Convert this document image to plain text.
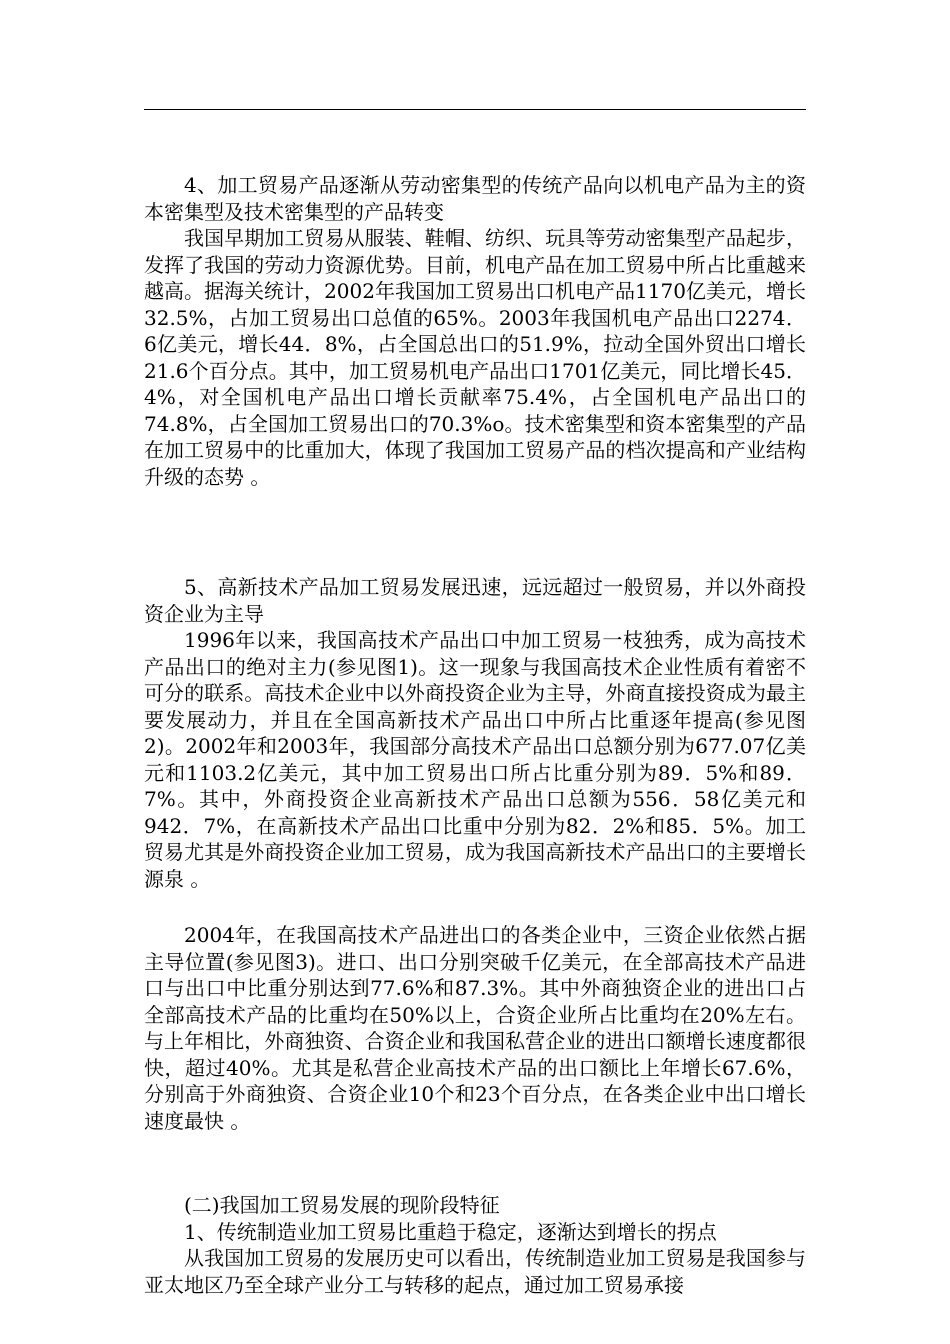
4、加工贸易产品逐渐从劳动密集型的传统产品向以机电产品为主的资本密集型及技术密集型的产品转变

我国早期加工贸易从服装、鞋帽、纺织、玩具等劳动密集型产品起步，发挥了我国的劳动力资源优势。目前，机电产品在加工贸易中所占比重越来越高。据海关统计，2002年我国加工贸易出口机电产品1170亿美元，增长32.5%，占加工贸易出口总值的65%。2003年我国机电产品出口2274．6亿美元，增长44．8%，占全国总出口的51.9%，拉动全国外贸出口增长21.6个百分点。其中，加工贸易机电产品出口1701亿美元，同比增长45．4%，对全国机电产品出口增长贡献率75.4%，占全国机电产品出口的74.8%，占全国加工贸易出口的70.3%o。技术密集型和资本密集型的产品在加工贸易中的比重加大，体现了我国加工贸易产品的档次提高和产业结构升级的态势 。

5、高新技术产品加工贸易发展迅速，远远超过一般贸易，并以外商投资企业为主导

1996年以来，我国高技术产品出口中加工贸易一枝独秀，成为高技术产品出口的绝对主力(参见图1)。这一现象与我国高技术企业性质有着密不可分的联系。高技术企业中以外商投资企业为主导，外商直接投资成为最主要发展动力，并且在全国高新技术产品出口中所占比重逐年提高(参见图2)。2002年和2003年，我国部分高技术产品出口总额分别为677.07亿美元和1103.2亿美元，其中加工贸易出口所占比重分别为89．5%和89．7%。其中，外商投资企业高新技术产品出口总额为556．58亿美元和942．7%，在高新技术产品出口比重中分别为82．2%和85．5%。加工贸易尤其是外商投资企业加工贸易，成为我国高新技术产品出口的主要增长源泉 。

2004年，在我国高技术产品进出口的各类企业中，三资企业依然占据主导位置(参见图3)。进口、出口分别突破千亿美元，在全部高技术产品进口与出口中比重分别达到77.6%和87.3%。其中外商独资企业的进出口占全部高技术产品的比重均在50%以上，合资企业所占比重均在20%左右。与上年相比，外商独资、合资企业和我国私营企业的进出口额增长速度都很快，超过40%。尤其是私营企业高技术产品的出口额比上年增长67.6%，分别高于外商独资、合资企业10个和23个百分点，在各类企业中出口增长速度最快 。

(二)我国加工贸易发展的现阶段特征

1、传统制造业加工贸易比重趋于稳定，逐渐达到增长的拐点

从我国加工贸易的发展历史可以看出，传统制造业加工贸易是我国参与亚太地区乃至全球产业分工与转移的起点，通过加工贸易承接
